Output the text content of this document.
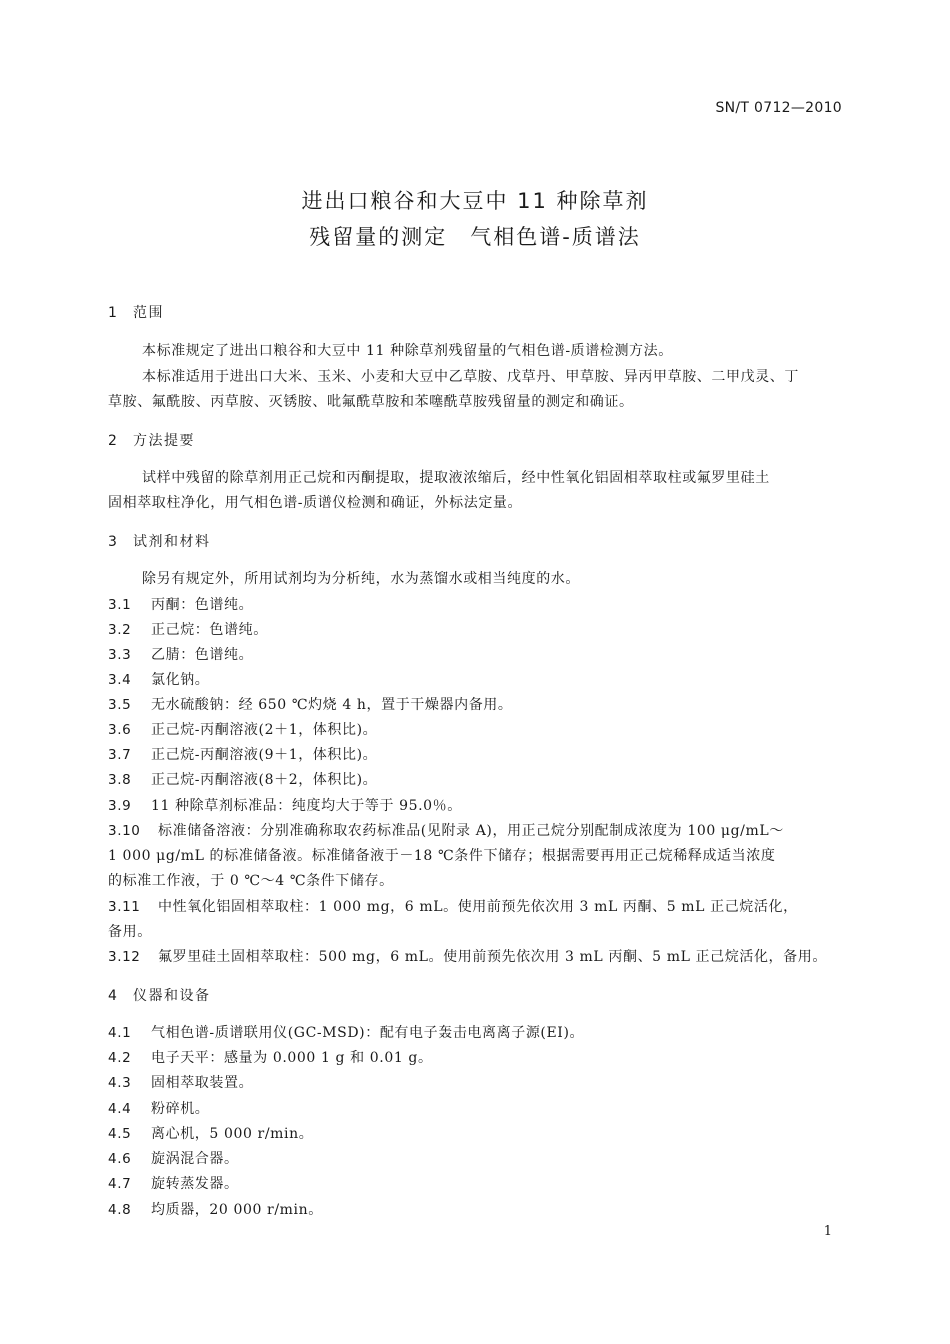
SN/T 0712—2010
进出口粮谷和大豆中 11 种除草剂
残留量的测定　气相色谱-质谱法
1 范围
本标准规定了进出口粮谷和大豆中 11 种除草剂残留量的气相色谱-质谱检测方法。
本标准适用于进出口大米、玉米、小麦和大豆中乙草胺、戊草丹、甲草胺、异丙甲草胺、二甲戊灵、丁
草胺、氟酰胺、丙草胺、灭锈胺、吡氟酰草胺和苯噻酰草胺残留量的测定和确证。
2 方法提要
试样中残留的除草剂用正己烷和丙酮提取，提取液浓缩后，经中性氧化铝固相萃取柱或氟罗里硅土
固相萃取柱净化，用气相色谱-质谱仪检测和确证，外标法定量。
3 试剂和材料
除另有规定外，所用试剂均为分析纯，水为蒸馏水或相当纯度的水。
3.1 丙酮：色谱纯。
3.2 正己烷：色谱纯。
3.3 乙腈：色谱纯。
3.4 氯化钠。
3.5 无水硫酸钠：经 650 ℃灼烧 4 h，置于干燥器内备用。
3.6 正己烷-丙酮溶液(2＋1，体积比)。
3.7 正己烷-丙酮溶液(9＋1，体积比)。
3.8 正己烷-丙酮溶液(8＋2，体积比)。
3.9 11 种除草剂标准品：纯度均大于等于 95.0％。
3.10 标准储备溶液：分别准确称取农药标准品(见附录 A)，用正己烷分别配制成浓度为 100 μg/mL～
1 000 μg/mL 的标准储备液。标准储备液于－18 ℃条件下储存；根据需要再用正己烷稀释成适当浓度
的标准工作液，于 0 ℃～4 ℃条件下储存。
3.11 中性氧化铝固相萃取柱：1 000 mg，6 mL。使用前预先依次用 3 mL 丙酮、5 mL 正己烷活化，
备用。
3.12 氟罗里硅土固相萃取柱：500 mg，6 mL。使用前预先依次用 3 mL 丙酮、5 mL 正己烷活化，备用。
4 仪器和设备
4.1 气相色谱-质谱联用仪(GC-MSD)：配有电子轰击电离离子源(EI)。
4.2 电子天平：感量为 0.000 1 g 和 0.01 g。
4.3 固相萃取装置。
4.4 粉碎机。
4.5 离心机，5 000 r/min。
4.6 旋涡混合器。
4.7 旋转蒸发器。
4.8 均质器，20 000 r/min。
1
